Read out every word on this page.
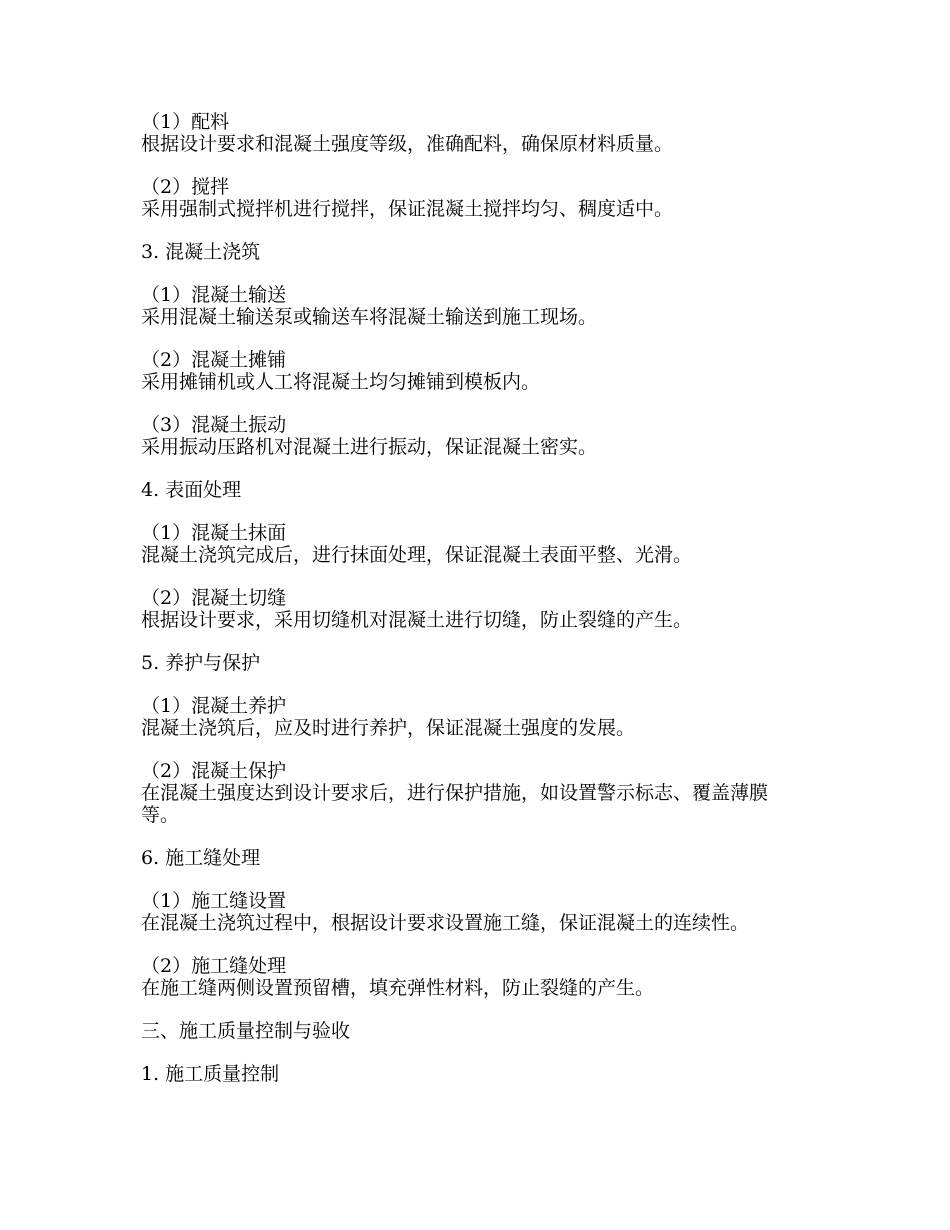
（1）配料
根据设计要求和混凝土强度等级，准确配料，确保原材料质量。
（2）搅拌
采用强制式搅拌机进行搅拌，保证混凝土搅拌均匀、稠度适中。
3. 混凝土浇筑
（1）混凝土输送
采用混凝土输送泵或输送车将混凝土输送到施工现场。
（2）混凝土摊铺
采用摊铺机或人工将混凝土均匀摊铺到模板内。
（3）混凝土振动
采用振动压路机对混凝土进行振动，保证混凝土密实。
4. 表面处理
（1）混凝土抹面
混凝土浇筑完成后，进行抹面处理，保证混凝土表面平整、光滑。
（2）混凝土切缝
根据设计要求，采用切缝机对混凝土进行切缝，防止裂缝的产生。
5. 养护与保护
（1）混凝土养护
混凝土浇筑后，应及时进行养护，保证混凝土强度的发展。
（2）混凝土保护
在混凝土强度达到设计要求后，进行保护措施，如设置警示标志、覆盖薄膜等。
6. 施工缝处理
（1）施工缝设置
在混凝土浇筑过程中，根据设计要求设置施工缝，保证混凝土的连续性。
（2）施工缝处理
在施工缝两侧设置预留槽，填充弹性材料，防止裂缝的产生。
三、施工质量控制与验收
1. 施工质量控制
